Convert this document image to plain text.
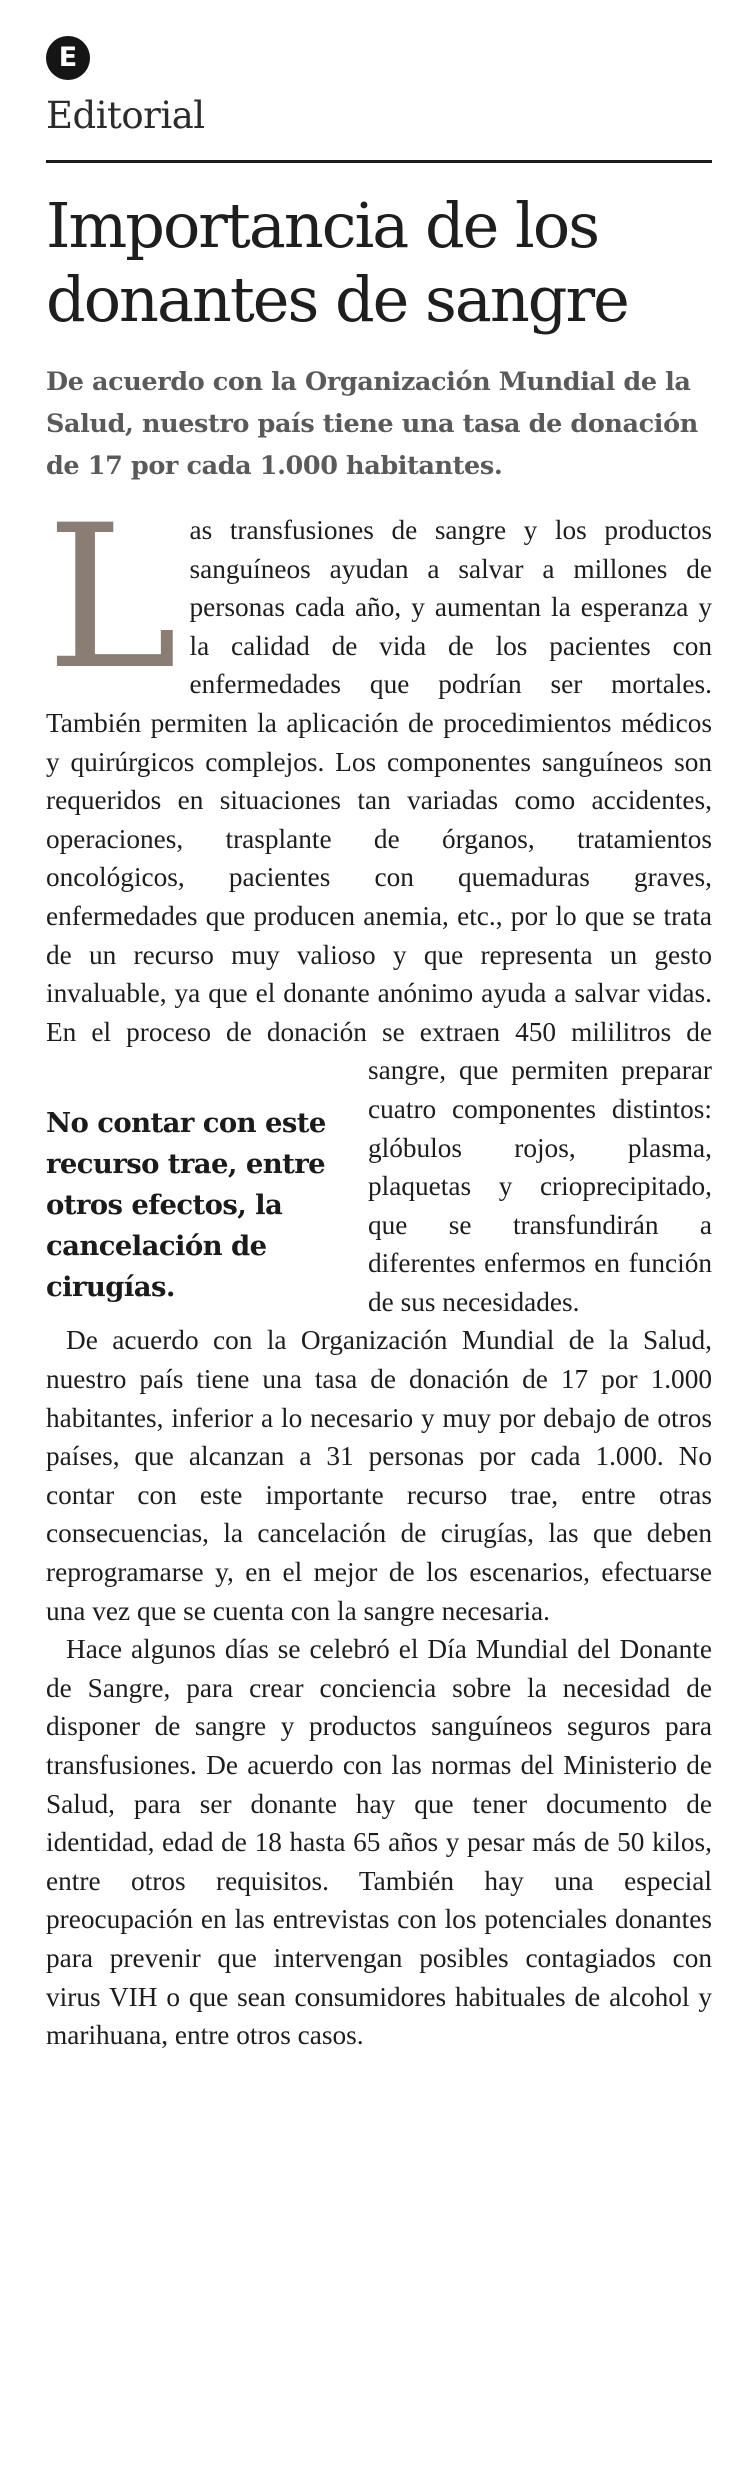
E
Editorial
Importancia de los donantes de sangre
De acuerdo con la Organización Mundial de la Salud, nuestro país tiene una tasa de donación de 17 por cada 1.000 habitantes.

Las transfusiones de sangre y los productos sanguíneos ayudan a salvar a millones de personas cada año, y aumentan la esperanza y la calidad de vida de los pacientes con enfermedades que podrían ser mortales. También permiten la aplicación de procedimientos médicos y quirúrgicos complejos. Los componentes sanguíneos son requeridos en situaciones tan variadas como accidentes, operaciones, trasplante de órganos, tratamientos oncológicos, pacientes con quemaduras graves, enfermedades que producen anemia, etc., por lo que se trata de un recurso muy valioso y que representa un gesto invaluable, ya que el donante anónimo ayuda a salvar vidas. En el proceso de donación se extraen 450 mililitros de sangre,
No contar con este recurso trae, entre otros efectos, la cancelación de cirugías.
que permiten preparar cuatro componentes distintos: glóbulos rojos, plasma, plaquetas y crioprecipitado, que se transfundirán a diferentes enfermos en función de sus necesidades.

De acuerdo con la Organización Mundial de la Salud, nuestro país tiene una tasa de donación de 17 por 1.000 habitantes, inferior a lo necesario y muy por debajo de otros países, que alcanzan a 31 personas por cada 1.000. No contar con este importante recurso trae, entre otras consecuencias, la cancelación de cirugías, las que deben reprogramarse y, en el mejor de los escenarios, efectuarse una vez que se cuenta con la sangre necesaria.

Hace algunos días se celebró el Día Mundial del Donante de Sangre, para crear conciencia sobre la necesidad de disponer de sangre y productos sanguíneos seguros para transfusiones. De acuerdo con las normas del Ministerio de Salud, para ser donante hay que tener documento de identidad, edad de 18 hasta 65 años y pesar más de 50 kilos, entre otros requisitos. También hay una especial preocupación en las entrevistas con los potenciales donantes para prevenir que intervengan posibles contagiados con virus VIH o que sean consumidores habituales de alcohol y marihuana, entre otros casos.
